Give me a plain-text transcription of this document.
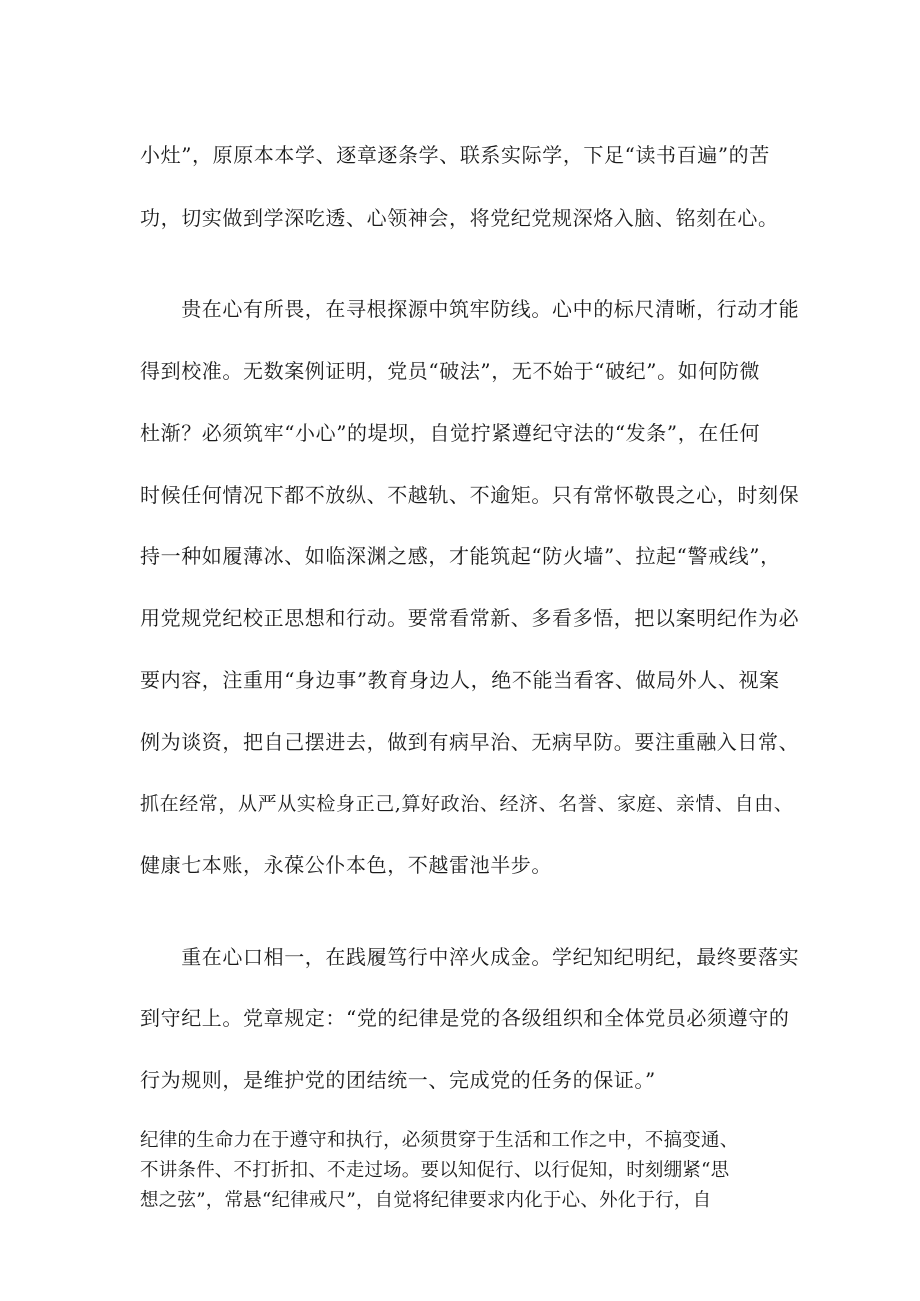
小灶”，原原本本学、逐章逐条学、联系实际学，下足“读书百遍”的苦
功，切实做到学深吃透、心领神会，将党纪党规深烙入脑、铭刻在心。
　　贵在心有所畏，在寻根探源中筑牢防线。心中的标尺清晰，行动才能
得到校准。无数案例证明，党员“破法”，无不始于“破纪”。如何防微
杜渐？必须筑牢“小心”的堤坝，自觉拧紧遵纪守法的“发条”，在任何
时候任何情况下都不放纵、不越轨、不逾矩。只有常怀敬畏之心，时刻保
持一种如履薄冰、如临深渊之感，才能筑起“防火墙”、拉起“警戒线”，
用党规党纪校正思想和行动。要常看常新、多看多悟，把以案明纪作为必
要内容，注重用“身边事”教育身边人，绝不能当看客、做局外人、视案
例为谈资，把自己摆进去，做到有病早治、无病早防。要注重融入日常、
抓在经常，从严从实检身正己,算好政治、经济、名誉、家庭、亲情、自由、
健康七本账，永葆公仆本色，不越雷池半步。
　　重在心口相一，在践履笃行中淬火成金。学纪知纪明纪，最终要落实
到守纪上。党章规定：“党的纪律是党的各级组织和全体党员必须遵守的
行为规则，是维护党的团结统一、完成党的任务的保证。”
纪律的生命力在于遵守和执行，必须贯穿于生活和工作之中，不搞变通、
不讲条件、不打折扣、不走过场。要以知促行、以行促知，时刻绷紧“思
想之弦”，常悬“纪律戒尺”，自觉将纪律要求内化于心、外化于行，自
